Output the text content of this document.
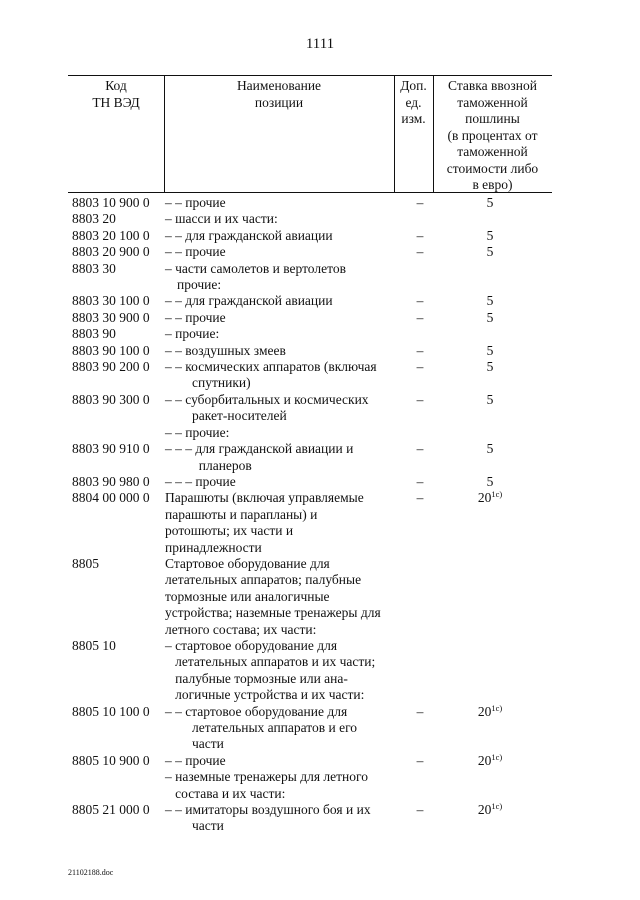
1111
Код
ТН ВЭД
Наименование
позиции
Доп.
ед.
изм.
Ставка ввозной
таможенной
пошлины
(в процентах от
таможенной
стоимости либо
в евро)
8803 10 900 0 – – прочие	–	5
8803 20	– шасси и их части:
8803 20 100 0 – – для гражданской авиации	–	5
8803 20 900 0 – – прочие	–	5
8803 30	– части самолетов и вертолетов
прочие:
8803 30 100 0 – – для гражданской авиации	–	5
8803 30 900 0 – – прочие	–	5
8803 90	– прочие:
8803 90 100 0 – – воздушных змеев	–	5
8803 90 200 0 – – космических аппаратов (включая
спутники)
–	5
8803 90 300 0 – – суборбитальных и космических
ракет-носителей
–	5
– – прочие:
8803 90 910 0 – – – для гражданской авиации и
планеров
–	5
8803 90 980 0 – – – прочие	–	5
8804 00 000 0 Парашюты (включая управляемые
парашюты и парапланы) и
ротошюты; их части и
принадлежности
–	$20^{1с)}$
8805	Стартовое оборудование для
летательных аппаратов; палубные
тормозные или аналогичные
устройства; наземные тренажеры для
летного состава; их части:
8805 10	– стартовое оборудование для
летательных аппаратов и их части;
палубные тормозные или ана-
логичные устройства и их части:
8805 10 100 0 – – стартовое оборудование для
летательных аппаратов и его
части
–	$20^{1с)}$
8805 10 900 0 – – прочие	–	$20^{1с)}$
– наземные тренажеры для летного
состава и их части:
8805 21 000 0 – – имитаторы воздушного боя и их
части
–	$20^{1с)}$
21102188.doc
